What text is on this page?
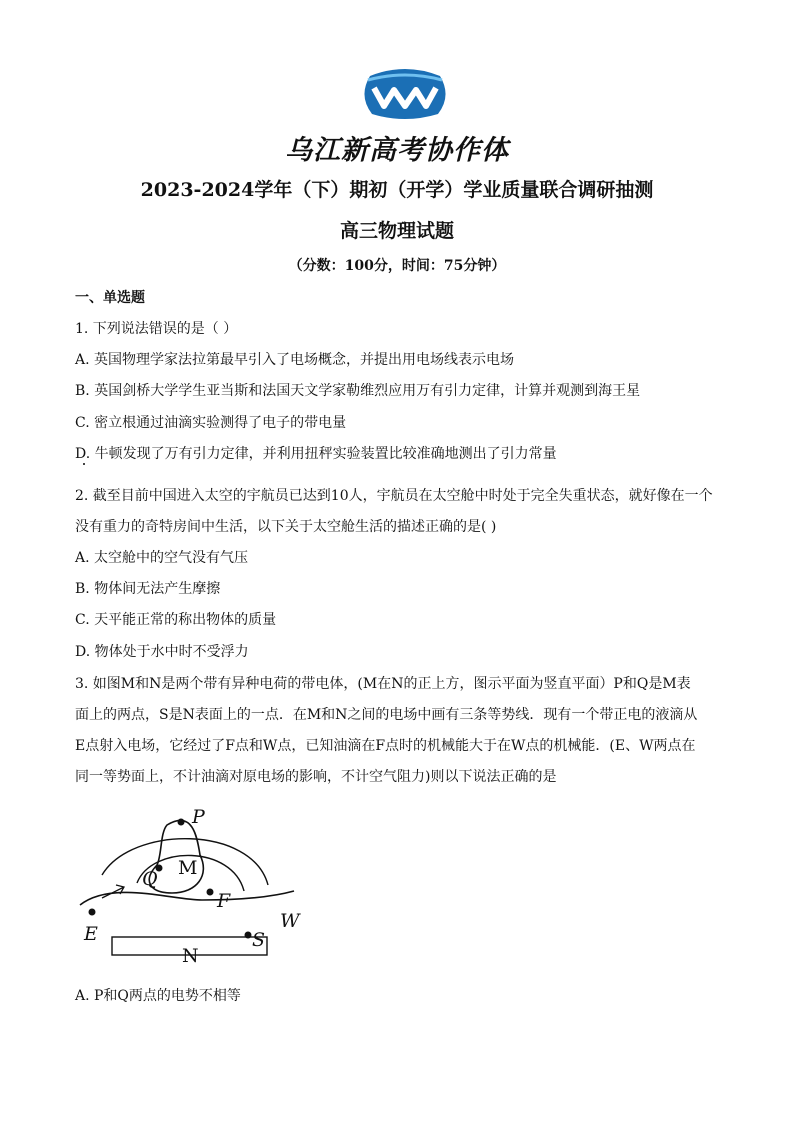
乌江新高考协作体
2023-2024学年（下）期初（开学）学业质量联合调研抽测
高三物理试题
（分数：100分，时间：75分钟）
一、单选题
1. 下列说法错误的是（ ）
A. 英国物理学家法拉第最早引入了电场概念，并提出用电场线表示电场
B. 英国剑桥大学学生亚当斯和法国天文学家勒维烈应用万有引力定律，计算并观测到海王星
C. 密立根通过油滴实验测得了电子的带电量
D. 牛顿发现了万有引力定律，并利用扭秤实验装置比较准确地测出了引力常量
2. 截至目前中国进入太空的宇航员已达到10人，宇航员在太空舱中时处于完全失重状态，就好像在一个
没有重力的奇特房间中生活，以下关于太空舱生活的描述正确的是( )
A. 太空舱中的空气没有气压
B. 物体间无法产生摩擦
C. 天平能正常的称出物体的质量
D. 物体处于水中时不受浮力
3. 如图M和N是两个带有异种电荷的带电体，(M在N的正上方，图示平面为竖直平面）P和Q是M表
面上的两点，S是N表面上的一点．在M和N之间的电场中画有三条等势线．现有一个带正电的液滴从
E点射入电场，它经过了F点和W点，已知油滴在F点时的机械能大于在W点的机械能．(E、W两点在
同一等势面上，不计油滴对原电场的影响，不计空气阻力)则以下说法正确的是
P
Q
F
W
E	S
M
N
A. P和Q两点的电势不相等
